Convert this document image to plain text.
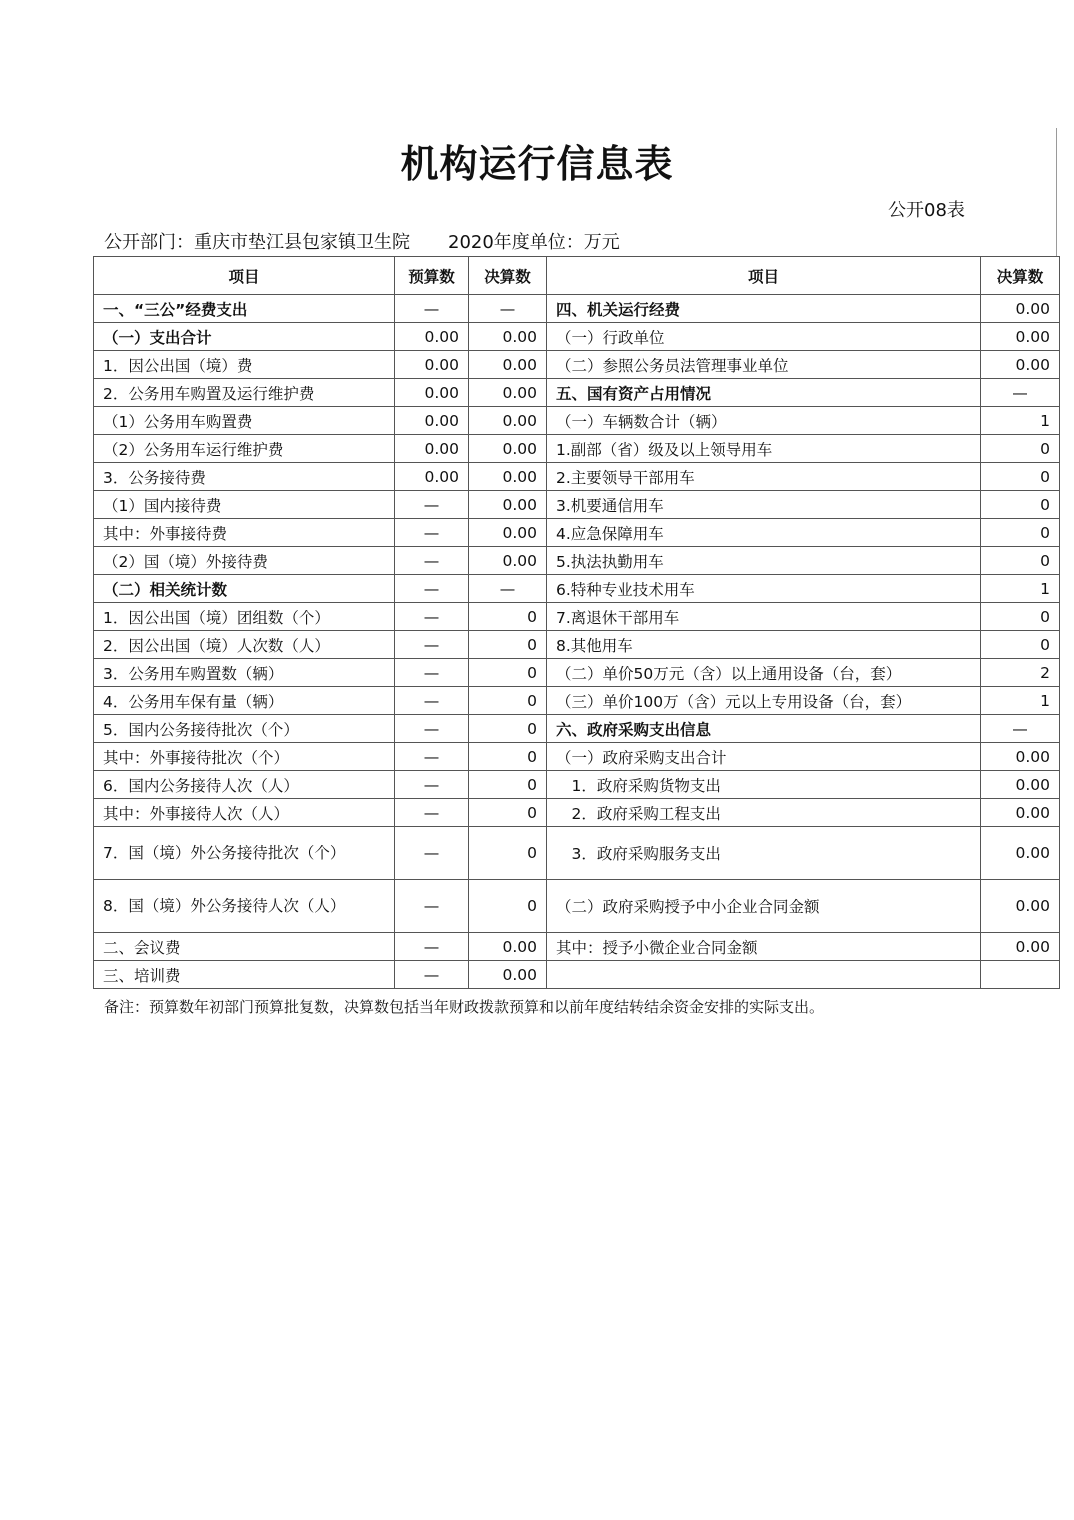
机构运行信息表
公开08表
公开部门：重庆市垫江县包家镇卫生院 2020年度单位：万元
项目	预算数	决算数	项目	决算数
一、“三公”经费支出	—	—	四、机关运行经费	0.00
（一）支出合计	0.00	0.00	（一）行政单位	0.00
1．因公出国（境）费	0.00	0.00	（二）参照公务员法管理事业单位	0.00
2．公务用车购置及运行维护费	0.00	0.00	五、国有资产占用情况	—
（1）公务用车购置费	0.00	0.00	（一）车辆数合计（辆）	1
（2）公务用车运行维护费	0.00	0.00	1.副部（省）级及以上领导用车	0
3．公务接待费	0.00	0.00	2.主要领导干部用车	0
（1）国内接待费	—	0.00	3.机要通信用车	0
其中：外事接待费	—	0.00	4.应急保障用车	0
（2）国（境）外接待费	—	0.00	5.执法执勤用车	0
（二）相关统计数	—	—	6.特种专业技术用车	1
1．因公出国（境）团组数（个）	—	0	7.离退休干部用车	0
2．因公出国（境）人次数（人）	—	0	8.其他用车	0
3．公务用车购置数（辆）	—	0	（二）单价50万元（含）以上通用设备（台，套）	2
4．公务用车保有量（辆）	—	0	（三）单价100万（含）元以上专用设备（台，套）	1
5．国内公务接待批次（个）	—	0	六、政府采购支出信息	—
其中：外事接待批次（个）	—	0	（一）政府采购支出合计	0.00
6．国内公务接待人次（人）	—	0	　1．政府采购货物支出	0.00
其中：外事接待人次（人）	—	0	　2．政府采购工程支出	0.00
7．国（境）外公务接待批次（个）	—	0	　3．政府采购服务支出	0.00
8．国（境）外公务接待人次（人）	—	0	（二）政府采购授予中小企业合同金额	0.00
二、会议费	—	0.00	其中：授予小微企业合同金额	0.00
三、培训费	—	0.00		
备注：预算数年初部门预算批复数，决算数包括当年财政拨款预算和以前年度结转结余资金安排的实际支出。
